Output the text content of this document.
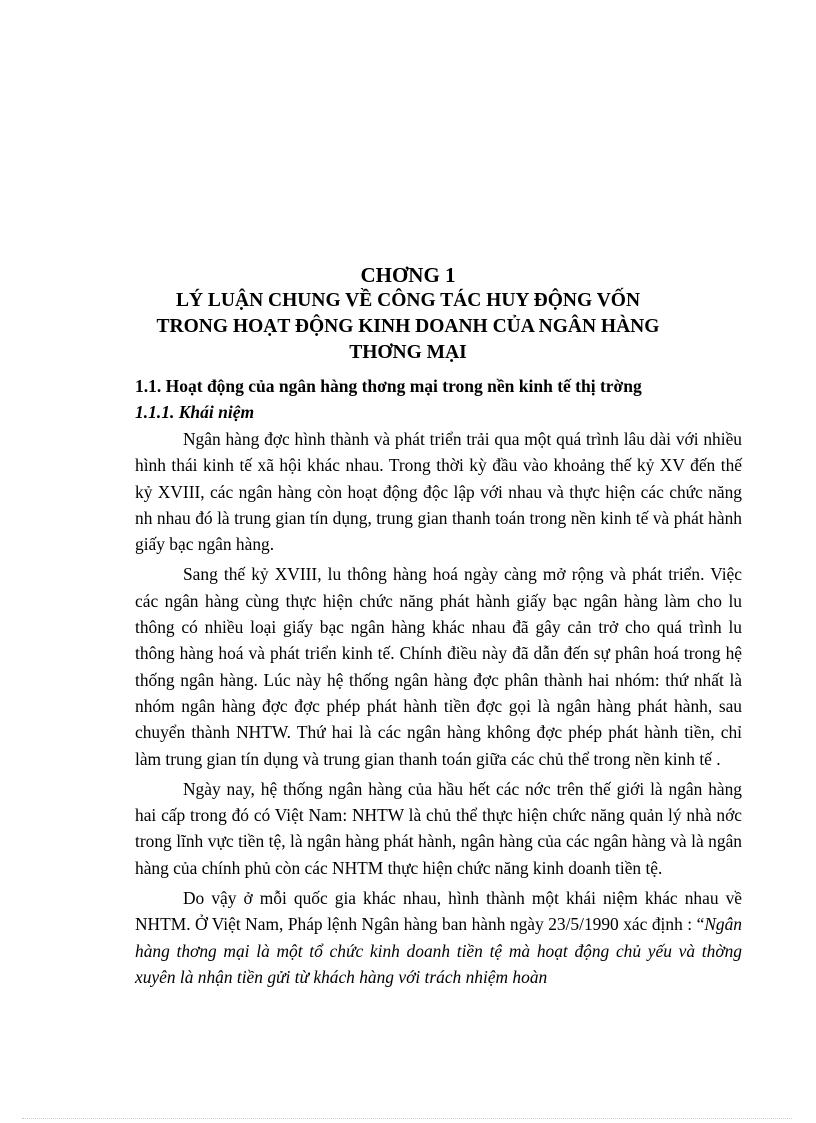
CHƠNG 1
LÝ LUẬN CHUNG VỀ CÔNG TÁC HUY ĐỘNG VỐN
TRONG HOẠT ĐỘNG KINH DOANH CỦA NGÂN HÀNG
THƠNG MẠI
1.1. Hoạt động của ngân hàng thơng mại trong nền kinh tế thị trờng
1.1.1. Khái niệm

Ngân hàng đợc hình thành và phát triển trải qua một quá trình lâu dài với nhiều hình thái kinh tế xã hội khác nhau. Trong thời kỳ đầu vào khoảng thế kỷ XV đến thế kỷ XVIII, các ngân hàng còn hoạt động độc lập với nhau và thực hiện các chức năng nh nhau đó là trung gian tín dụng, trung gian thanh toán trong nền kinh tế và phát hành giấy bạc ngân hàng.

Sang thế kỷ XVIII, lu thông hàng hoá ngày càng mở rộng và phát triển. Việc các ngân hàng cùng thực hiện chức năng phát hành giấy bạc ngân hàng làm cho lu thông có nhiều loại giấy bạc ngân hàng khác nhau đã gây cản trở cho quá trình lu thông hàng hoá và phát triển kinh tế. Chính điều này đã dẫn đến sự phân hoá trong hệ thống ngân hàng. Lúc này hệ thống ngân hàng đợc phân thành hai nhóm: thứ nhất là nhóm ngân hàng đợc đợc phép phát hành tiền đợc gọi là ngân hàng phát hành, sau chuyển thành NHTW. Thứ hai là các ngân hàng không đợc phép phát hành tiền, chỉ làm trung gian tín dụng và trung gian thanh toán giữa các chủ thể trong nền kinh tế .

Ngày nay, hệ thống ngân hàng của hầu hết các nớc trên thế giới là ngân hàng hai cấp trong đó có Việt Nam: NHTW là chủ thể thực hiện chức năng quản lý nhà nớc trong lĩnh vực tiền tệ, là ngân hàng phát hành, ngân hàng của các ngân hàng và là ngân hàng của chính phủ còn các NHTM thực hiện chức năng kinh doanh tiền tệ.

Do vậy ở mỗi quốc gia khác nhau, hình thành một khái niệm khác nhau về NHTM. Ở Việt Nam, Pháp lệnh Ngân hàng ban hành ngày 23/5/1990 xác định : “Ngân hàng thơng mại là một tổ chức kinh doanh tiền tệ mà hoạt động chủ yếu và thờng xuyên là nhận tiền gửi từ khách hàng với trách nhiệm hoàn
